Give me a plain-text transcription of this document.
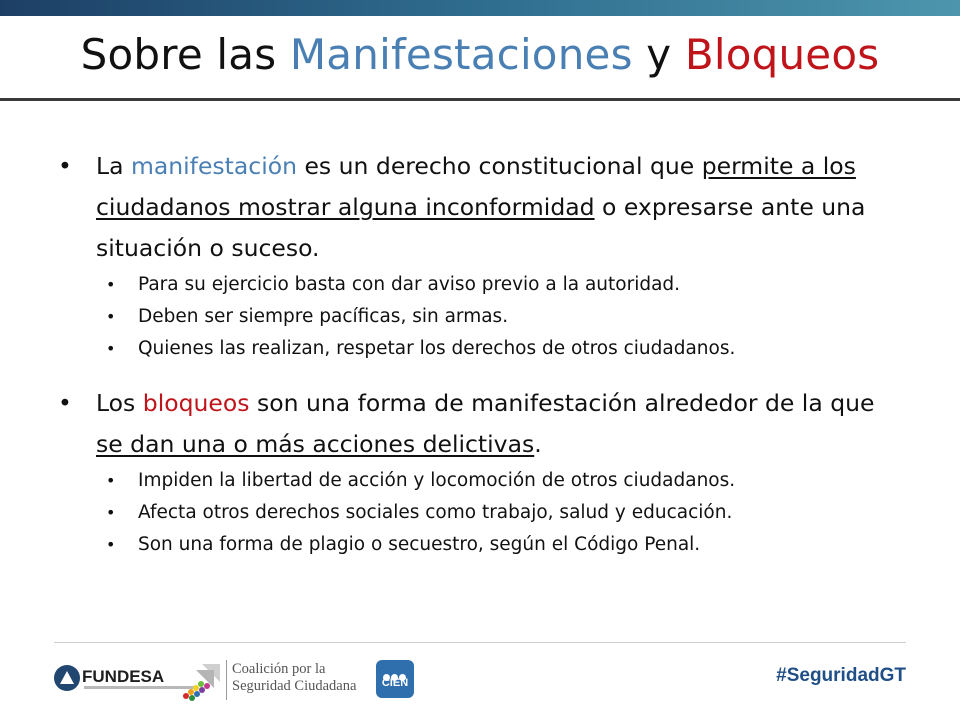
Sobre las Manifestaciones y Bloqueos
• La manifestación es un derecho constitucional que permite a los ciudadanos mostrar alguna inconformidad o expresarse ante una situación o suceso.
• Para su ejercicio basta con dar aviso previo a la autoridad.
• Deben ser siempre pacíficas, sin armas.
• Quienes las realizan, respetar los derechos de otros ciudadanos.
• Los bloqueos son una forma de manifestación alrededor de la que se dan una o más acciones delictivas.
• Impiden la libertad de acción y locomoción de otros ciudadanos.
• Afecta otros derechos sociales como trabajo, salud y educación.
• Son una forma de plagio o secuestro, según el Código Penal.
FUNDESA	Coalición por la
Seguridad Ciudadana	CIEN	#SeguridadGT
